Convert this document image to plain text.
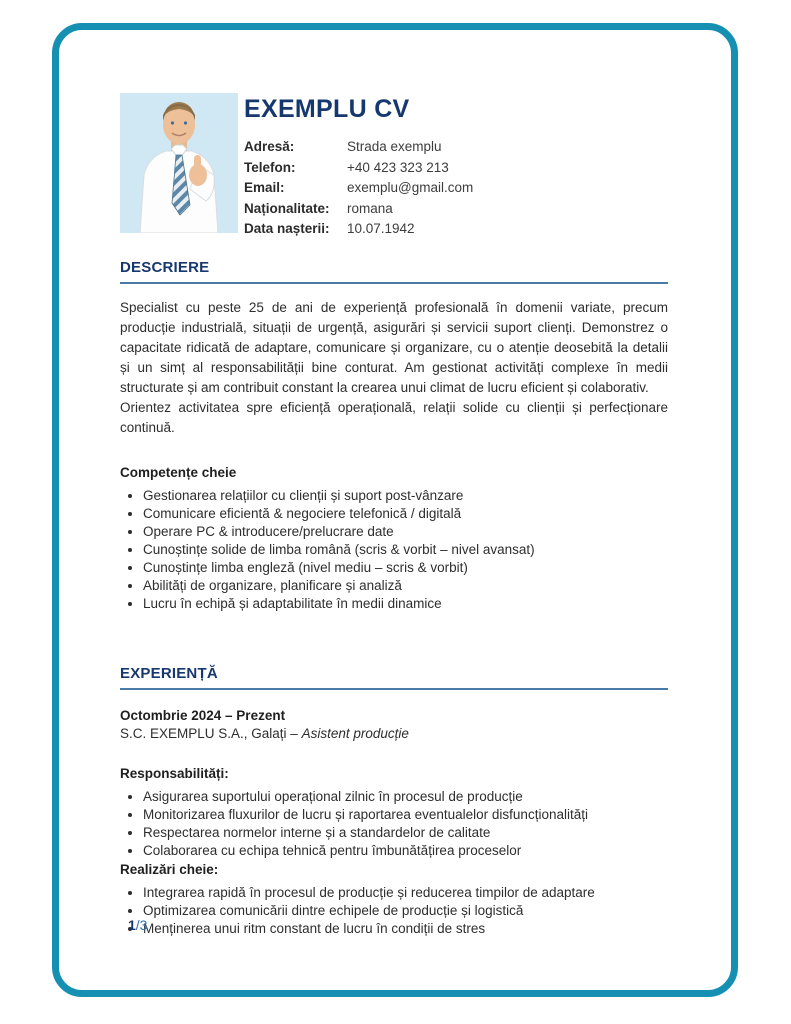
EXEMPLU CV
Adresă:	Strada exemplu
Telefon:	+40 423 323 213
Email:	exemplu@gmail.com
Naționalitate:	romana
Data nașterii:	10.07.1942
DESCRIERE

Specialist cu peste 25 de ani de experiență profesională în domenii variate, precum producție industrială, situații de urgență, asigurări și servicii suport clienți. Demonstrez o capacitate ridicată de adaptare, comunicare și organizare, cu o atenție deosebită la detalii și un simț al responsabilității bine conturat. Am gestionat activități complexe în medii structurate și am contribuit constant la crearea unui climat de lucru eficient și colaborativ.

Orientez activitatea spre eficiență operațională, relații solide cu clienții și perfecționare continuă.

Competențe cheie
• Gestionarea relațiilor cu clienții și suport post-vânzare
• Comunicare eficientă & negociere telefonică / digitală
• Operare PC & introducere/prelucrare date
• Cunoștințe solide de limba română (scris & vorbit – nivel avansat)
• Cunoștințe limba engleză (nivel mediu – scris & vorbit)
• Abilități de organizare, planificare și analiză
• Lucru în echipă și adaptabilitate în medii dinamice
EXPERIENȚĂ
Octombrie 2024 – Prezent
S.C. EXEMPLU S.A., Galați – Asistent producție
Responsabilități:
• Asigurarea suportului operațional zilnic în procesul de producție
• Monitorizarea fluxurilor de lucru și raportarea eventualelor disfuncționalități
• Respectarea normelor interne și a standardelor de calitate
• Colaborarea cu echipa tehnică pentru îmbunătățirea proceselor
Realizări cheie:
• Integrarea rapidă în procesul de producție și reducerea timpilor de adaptare
• Optimizarea comunicării dintre echipele de producție și logistică
• Menținerea unui ritm constant de lucru în condiții de stres
1/3
